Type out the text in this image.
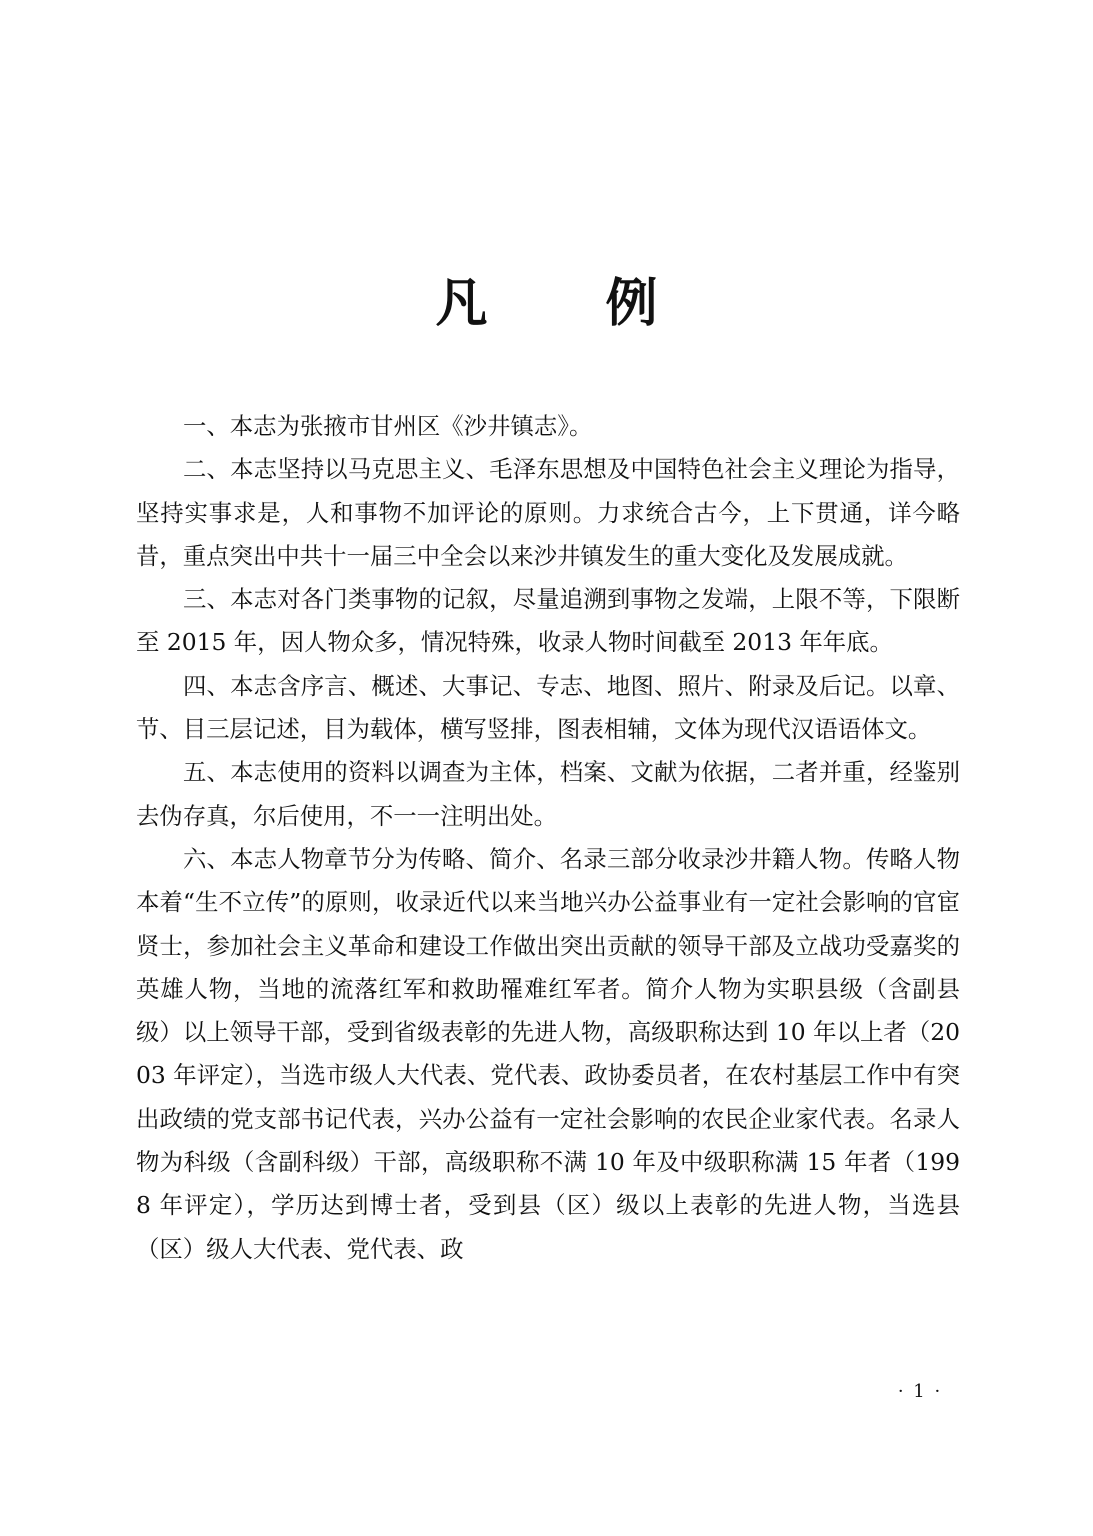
凡 例

一、本志为张掖市甘州区《沙井镇志》。

二、本志坚持以马克思主义、毛泽东思想及中国特色社会主义理论为指导，坚持实事求是，人和事物不加评论的原则。力求统合古今，上下贯通，详今略昔，重点突出中共十一届三中全会以来沙井镇发生的重大变化及发展成就。

三、本志对各门类事物的记叙，尽量追溯到事物之发端，上限不等，下限断至 2015 年，因人物众多，情况特殊，收录人物时间截至 2013 年年底。

四、本志含序言、概述、大事记、专志、地图、照片、附录及后记。以章、节、目三层记述，目为载体，横写竖排，图表相辅，文体为现代汉语语体文。

五、本志使用的资料以调查为主体，档案、文献为依据，二者并重，经鉴别去伪存真，尔后使用，不一一注明出处。

六、本志人物章节分为传略、简介、名录三部分收录沙井籍人物。传略人物本着“生不立传”的原则，收录近代以来当地兴办公益事业有一定社会影响的官宦贤士，参加社会主义革命和建设工作做出突出贡献的领导干部及立战功受嘉奖的英雄人物，当地的流落红军和救助罹难红军者。简介人物为实职县级（含副县级）以上领导干部，受到省级表彰的先进人物，高级职称达到 10 年以上者（2003 年评定），当选市级人大代表、党代表、政协委员者，在农村基层工作中有突出政绩的党支部书记代表，兴办公益有一定社会影响的农民企业家代表。名录人物为科级（含副科级）干部，高级职称不满 10 年及中级职称满 15 年者（1998 年评定），学历达到博士者，受到县（区）级以上表彰的先进人物，当选县（区）级人大代表、党代表、政

· 1 ·
